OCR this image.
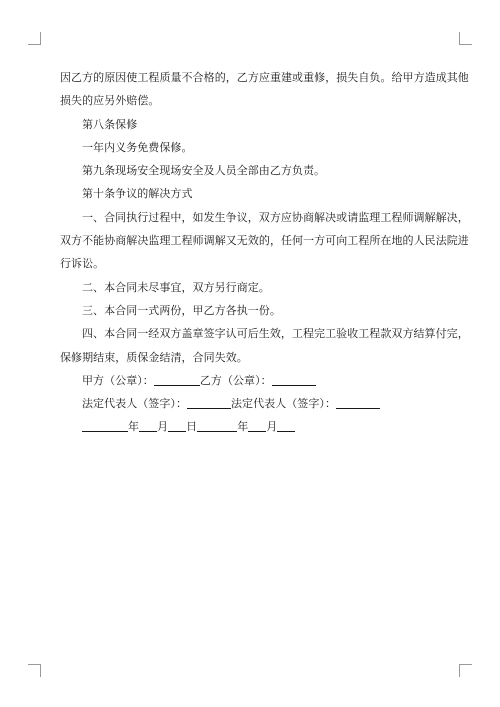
因乙方的原因使工程质量不合格的，乙方应重建或重修，损失自负。给甲方造成其他

损失的应另外赔偿。

第八条保修

一年内义务免费保修。

第九条现场安全现场安全及人员全部由乙方负责。

第十条争议的解决方式

一、合同执行过程中，如发生争议，双方应协商解决或请监理工程师调解解决，

双方不能协商解决监理工程师调解又无效的，任何一方可向工程所在地的人民法院进

行诉讼。

二、本合同未尽事宜，双方另行商定。

三、本合同一式两份，甲乙方各执一份。

四、本合同一经双方盖章签字认可后生效，工程完工验收工程款双方结算付完，

保修期结束，质保金结清，合同失效。

甲方（公章）：	乙方（公章）：

法定代表人（签字）：	法定代表人（签字）：

年 月 日	年 月
